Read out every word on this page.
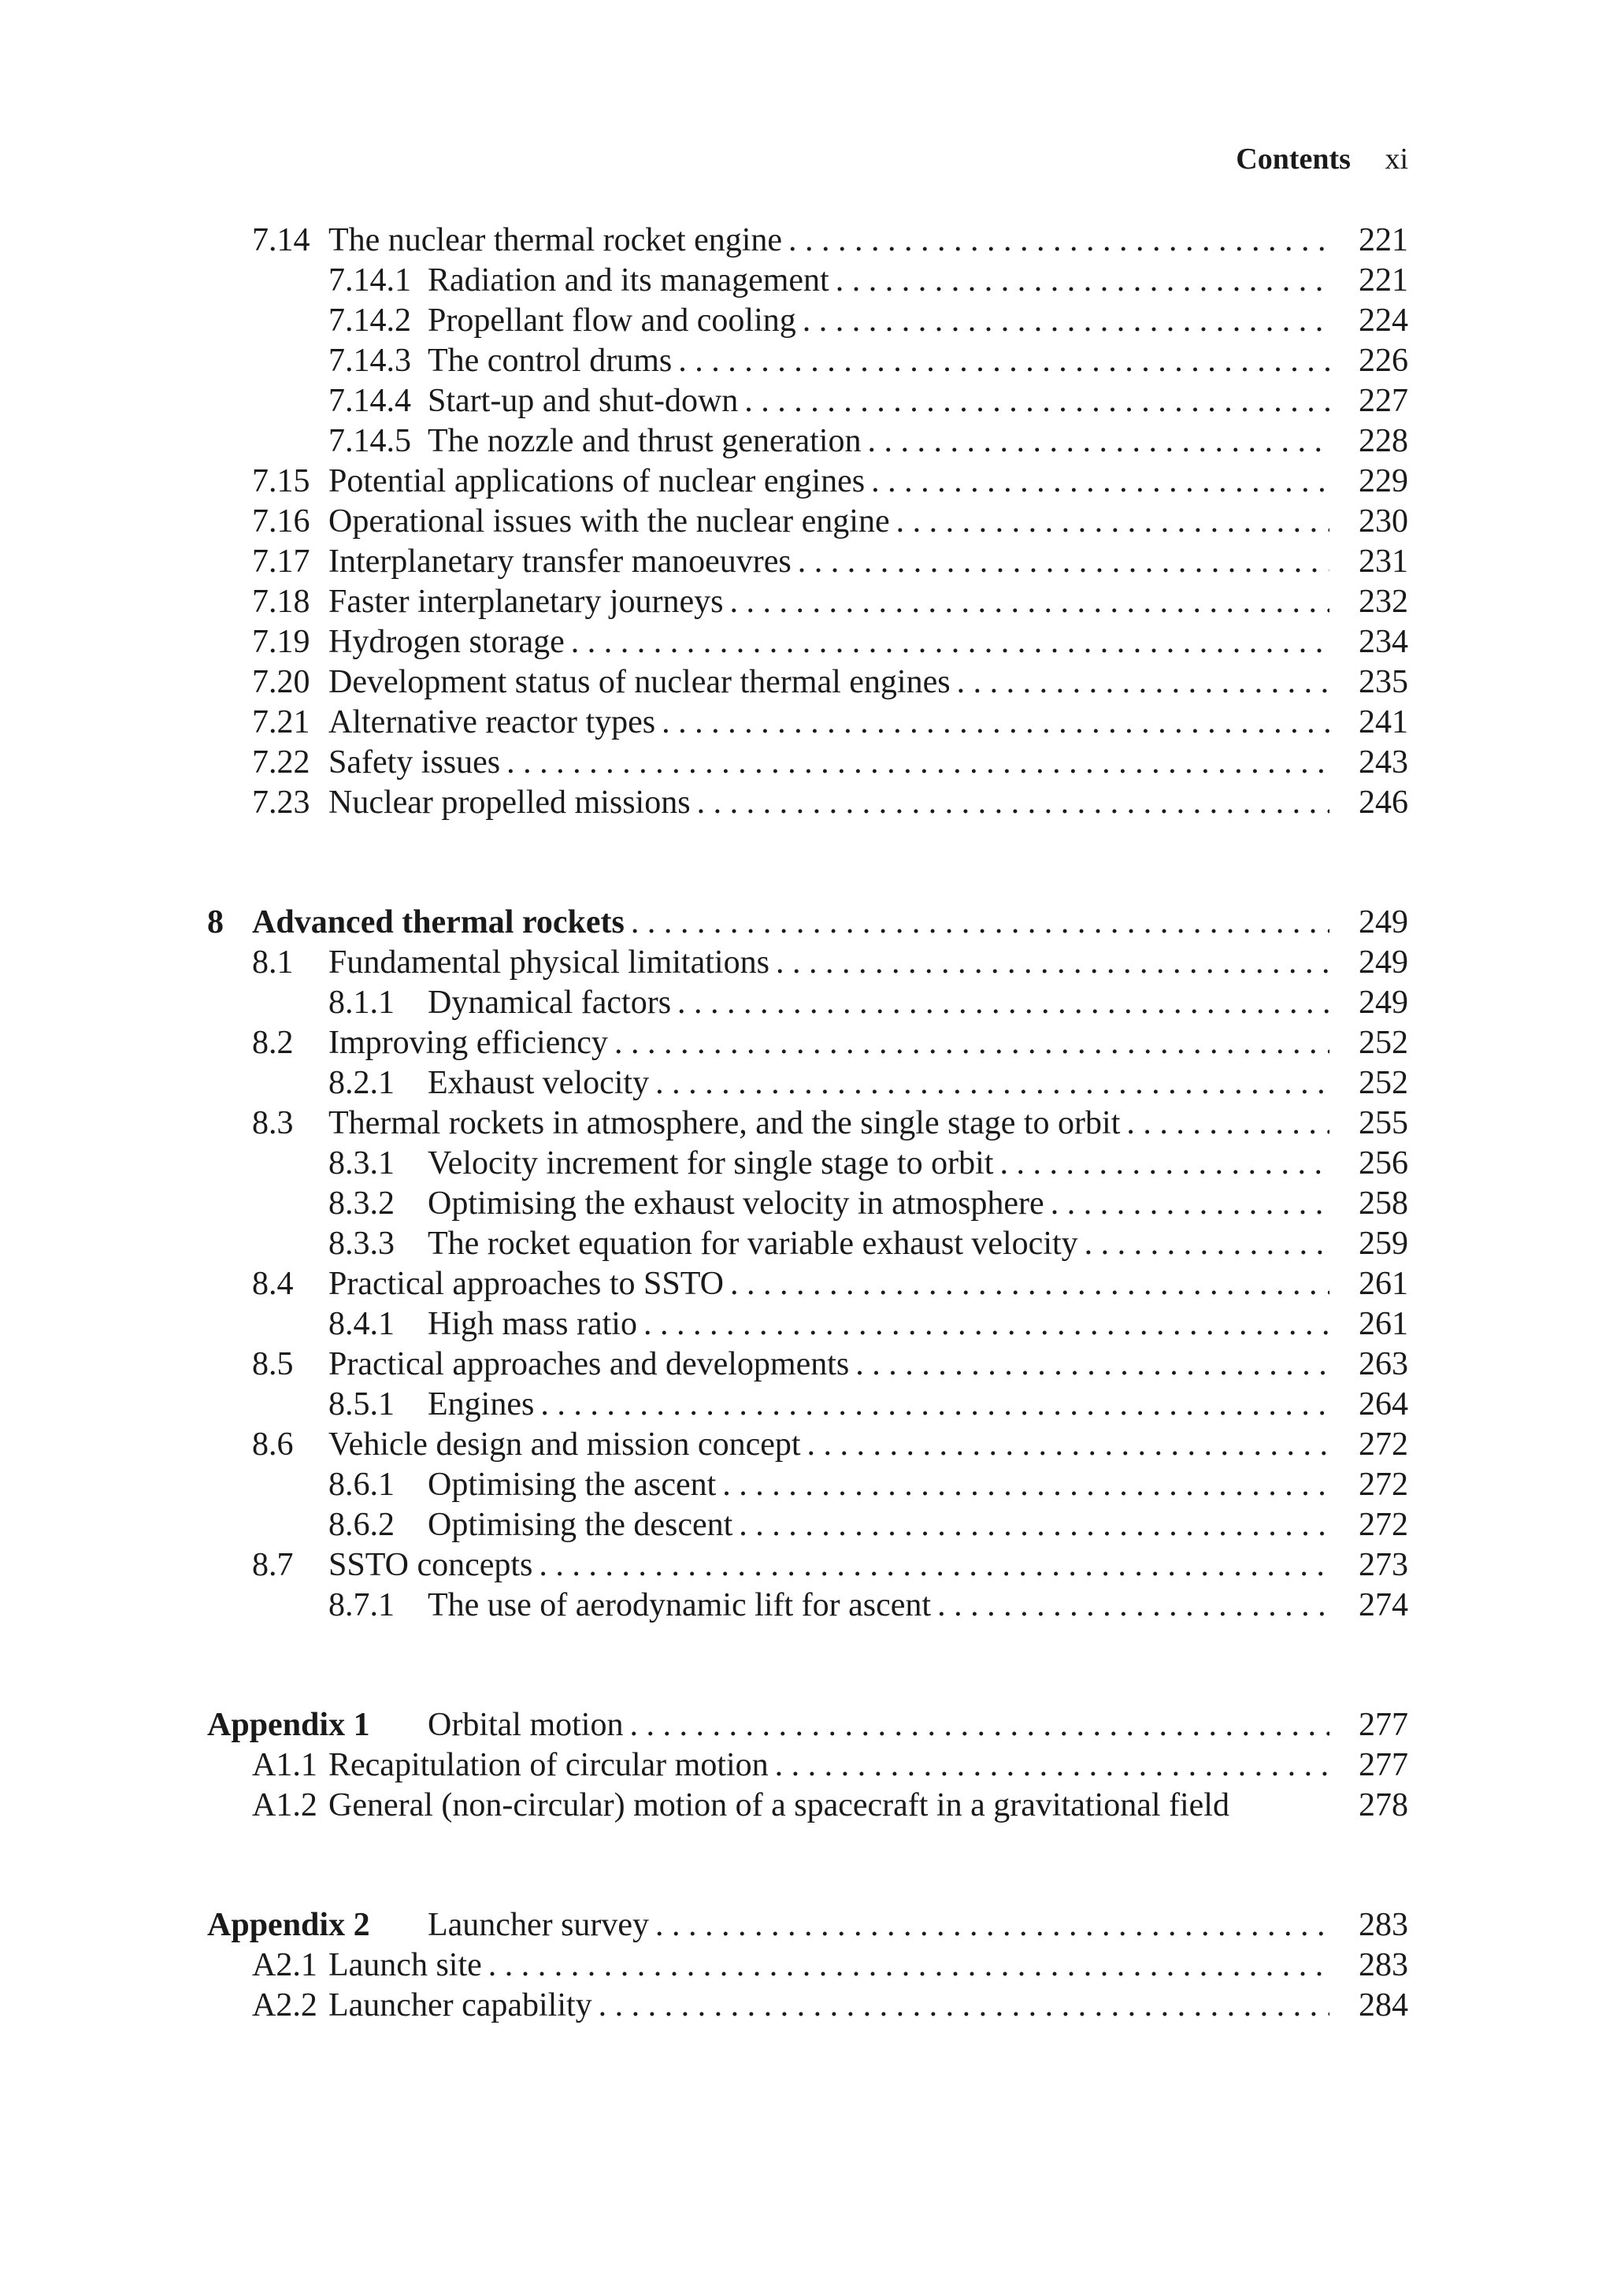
Contents xi
7.14 The nuclear thermal rocket engine . . .	221
7.14.1 Radiation and its management . . .	221
7.14.2 Propellant flow and cooling . . .	224
7.14.3 The control drums . . .	226
7.14.4 Start-up and shut-down . . .	227
7.14.5 The nozzle and thrust generation . . .	228
7.15 Potential applications of nuclear engines . . .	229
7.16 Operational issues with the nuclear engine . . .	230
7.17 Interplanetary transfer manoeuvres . . .	231
7.18 Faster interplanetary journeys . . .	232
7.19 Hydrogen storage . . .	234
7.20 Development status of nuclear thermal engines . . .	235
7.21 Alternative reactor types . . .	241
7.22 Safety issues . . .	243
7.23 Nuclear propelled missions . . .	246
8 Advanced thermal rockets . . .	249
8.1 Fundamental physical limitations . . .	249
8.1.1 Dynamical factors . . .	249
8.2 Improving efficiency . . .	252
8.2.1 Exhaust velocity . . .	252
8.3 Thermal rockets in atmosphere, and the single stage to orbit . . .	255
8.3.1 Velocity increment for single stage to orbit . . .	256
8.3.2 Optimising the exhaust velocity in atmosphere . . .	258
8.3.3 The rocket equation for variable exhaust velocity . . .	259
8.4 Practical approaches to SSTO . . .	261
8.4.1 High mass ratio . . .	261
8.5 Practical approaches and developments . . .	263
8.5.1 Engines . . .	264
8.6 Vehicle design and mission concept . . .	272
8.6.1 Optimising the ascent . . .	272
8.6.2 Optimising the descent . . .	272
8.7 SSTO concepts . . .	273
8.7.1 The use of aerodynamic lift for ascent . . .	274
Appendix 1 Orbital motion . . .	277
A1.1 Recapitulation of circular motion . . .	277
A1.2 General (non-circular) motion of a spacecraft in a gravitational field	278
Appendix 2 Launcher survey . . .	283
A2.1 Launch site . . .	283
A2.2 Launcher capability . . .	284
